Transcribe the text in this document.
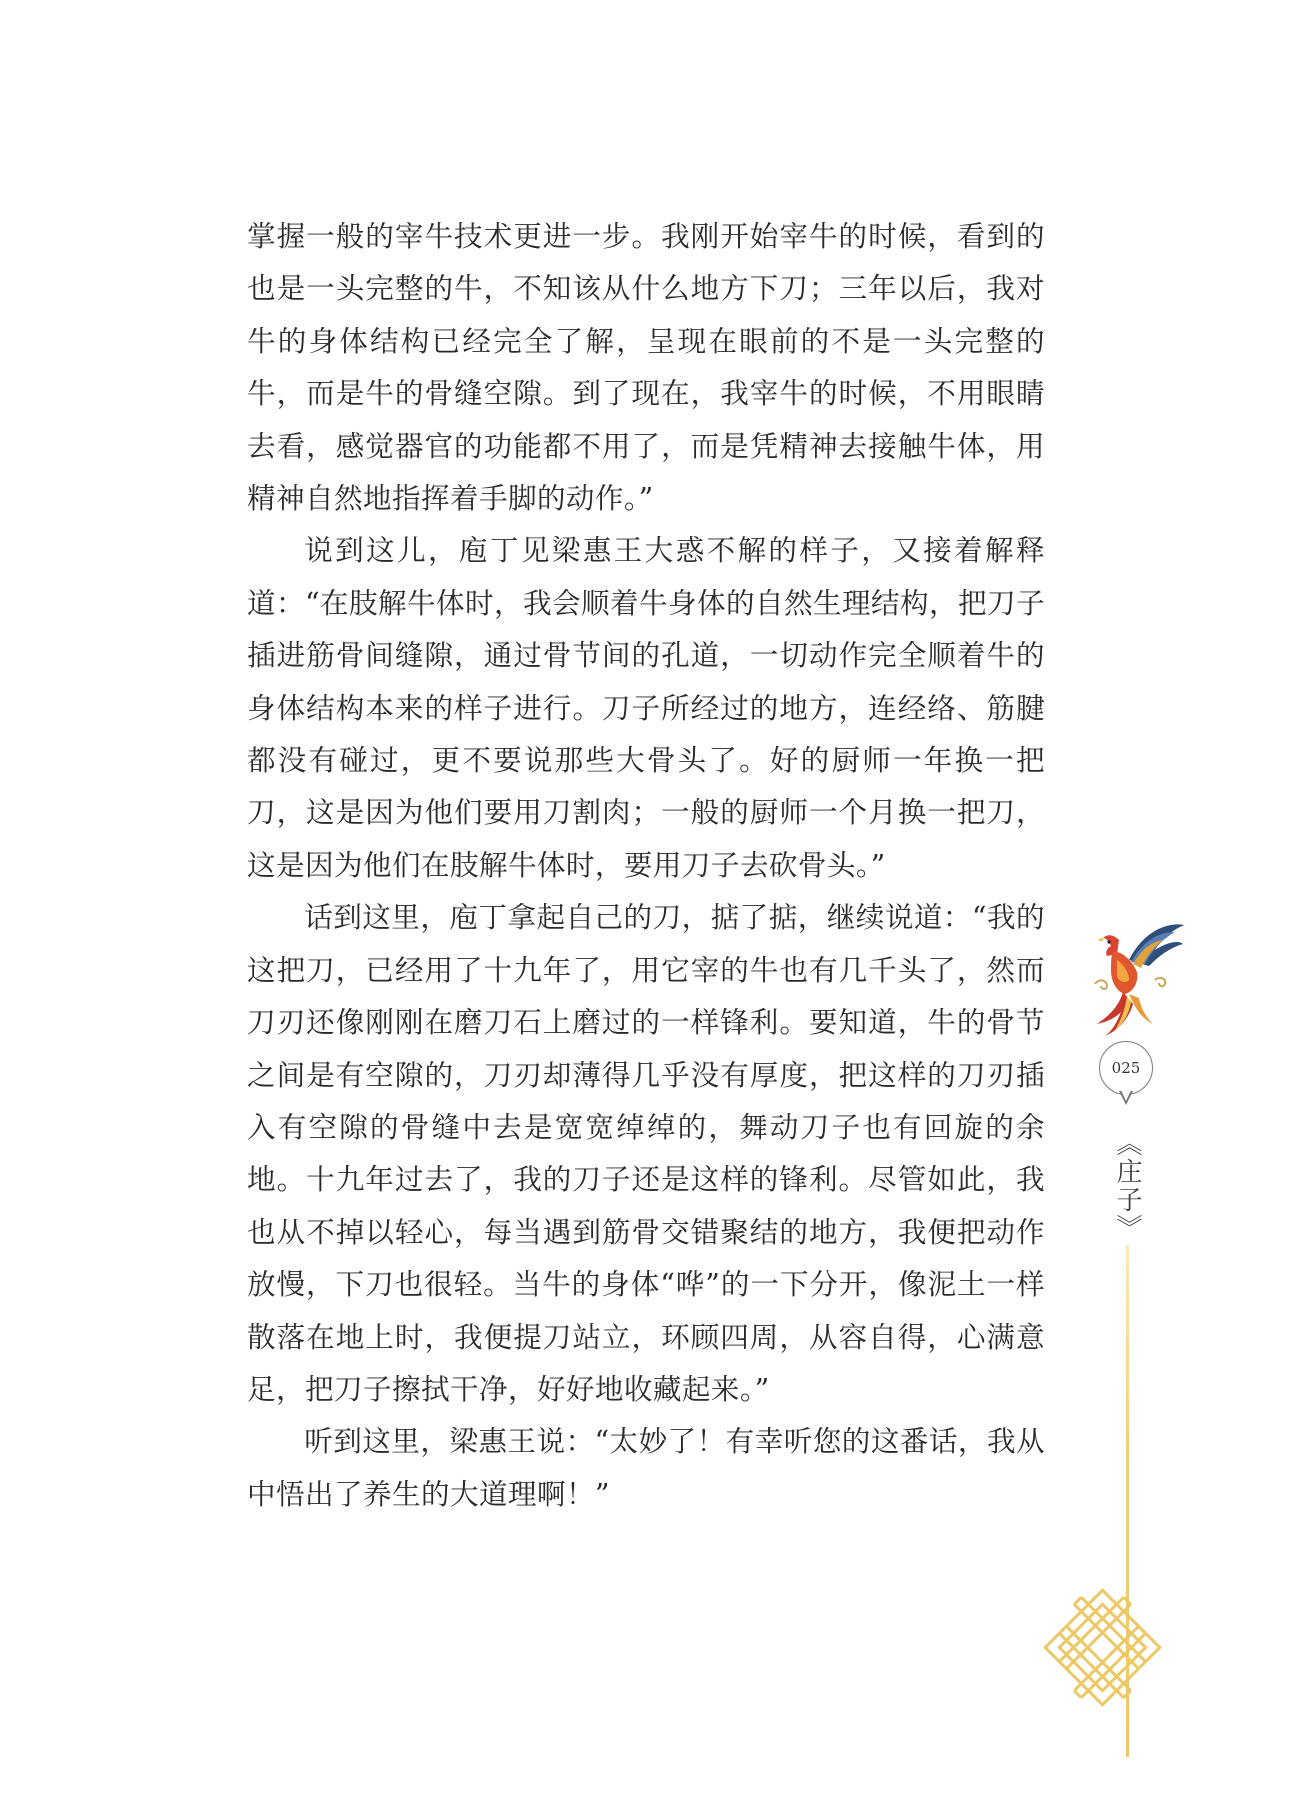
掌握一般的宰牛技术更进一步。我刚开始宰牛的时候，看到的也是一头完整的牛，不知该从什么地方下刀；三年以后，我对牛的身体结构已经完全了解，呈现在眼前的不是一头完整的牛，而是牛的骨缝空隙。到了现在，我宰牛的时候，不用眼睛去看，感觉器官的功能都不用了，而是凭精神去接触牛体，用精神自然地指挥着手脚的动作。”

说到这儿，庖丁见梁惠王大惑不解的样子，又接着解释道：“在肢解牛体时，我会顺着牛身体的自然生理结构，把刀子插进筋骨间缝隙，通过骨节间的孔道，一切动作完全顺着牛的身体结构本来的样子进行。刀子所经过的地方，连经络、筋腱都没有碰过，更不要说那些大骨头了。好的厨师一年换一把刀，这是因为他们要用刀割肉；一般的厨师一个月换一把刀，这是因为他们在肢解牛体时，要用刀子去砍骨头。”

话到这里，庖丁拿起自己的刀，掂了掂，继续说道：“我的这把刀，已经用了十九年了，用它宰的牛也有几千头了，然而刀刃还像刚刚在磨刀石上磨过的一样锋利。要知道，牛的骨节之间是有空隙的，刀刃却薄得几乎没有厚度，把这样的刀刃插入有空隙的骨缝中去是宽宽绰绰的，舞动刀子也有回旋的余地。十九年过去了，我的刀子还是这样的锋利。尽管如此，我也从不掉以轻心，每当遇到筋骨交错聚结的地方，我便把动作放慢，下刀也很轻。当牛的身体“哗”的一下分开，像泥土一样散落在地上时，我便提刀站立，环顾四周，从容自得，心满意足，把刀子擦拭干净，好好地收藏起来。”

听到这里，梁惠王说：“太妙了！有幸听您的这番话，我从中悟出了养生的大道理啊！”

025
《庄子》
